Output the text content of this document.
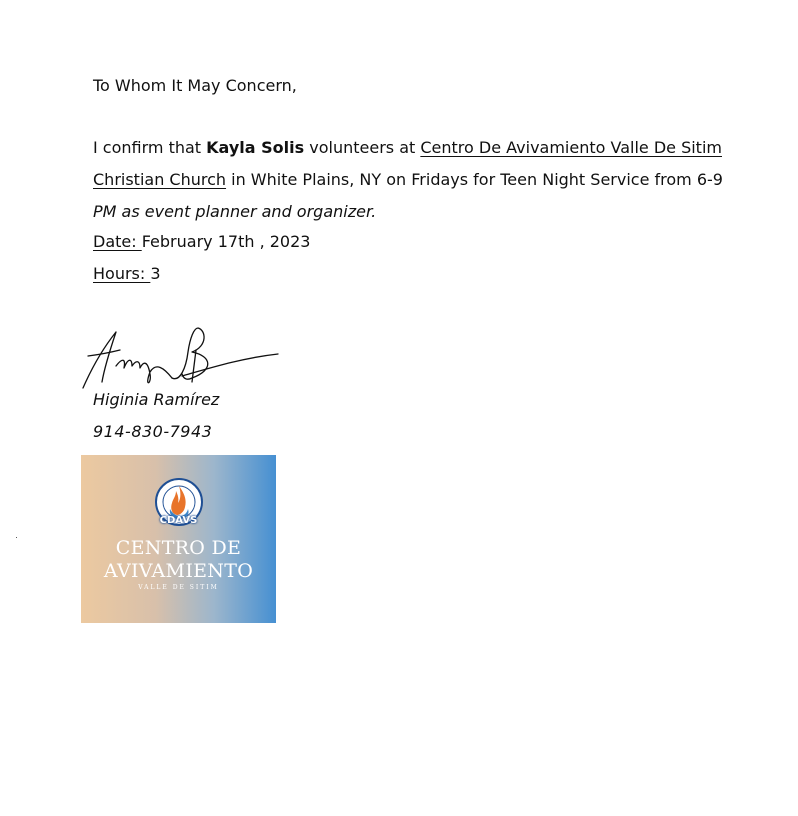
To Whom It May Concern,
I confirm that Kayla Solis volunteers at Centro De Avivamiento Valle De Sitim
Christian Church in White Plains, NY on Fridays for Teen Night Service from 6-9
PM as event planner and organizer.
Date: February 17th , 2023
Hours: 3
Higinia Ramírez
914-830-7943
CDAVS
CENTRO DE
AVIVAMIENTO
VALLE DE SITIM
